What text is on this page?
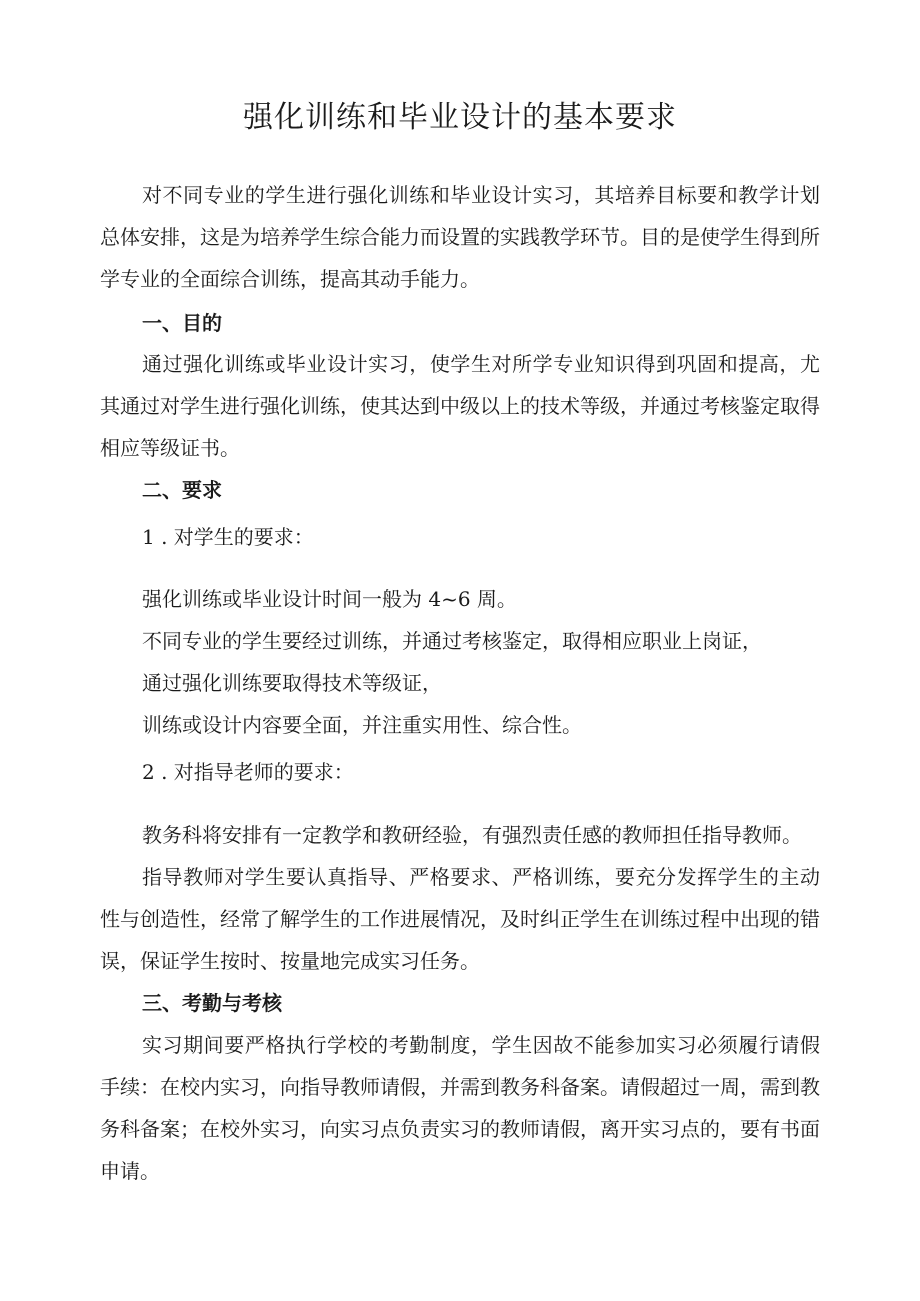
强化训练和毕业设计的基本要求

对不同专业的学生进行强化训练和毕业设计实习，其培养目标要和教学计划总体安排，这是为培养学生综合能力而设置的实践教学环节。目的是使学生得到所学专业的全面综合训练，提高其动手能力。

一、目的

通过强化训练或毕业设计实习，使学生对所学专业知识得到巩固和提高，尤其通过对学生进行强化训练，使其达到中级以上的技术等级，并通过考核鉴定取得相应等级证书。

二、要求
1 . 对学生的要求：
强化训练或毕业设计时间一般为 4~6 周。
不同专业的学生要经过训练，并通过考核鉴定，取得相应职业上岗证，
通过强化训练要取得技术等级证，
训练或设计内容要全面，并注重实用性、综合性。
2 . 对指导老师的要求：
教务科将安排有一定教学和教研经验，有强烈责任感的教师担任指导教师。

指导教师对学生要认真指导、严格要求、严格训练，要充分发挥学生的主动性与创造性，经常了解学生的工作进展情况，及时纠正学生在训练过程中出现的错误，保证学生按时、按量地完成实习任务。

三、考勤与考核

实习期间要严格执行学校的考勤制度，学生因故不能参加实习必须履行请假手续：在校内实习，向指导教师请假，并需到教务科备案。请假超过一周，需到教务科备案；在校外实习，向实习点负责实习的教师请假，离开实习点的，要有书面申请。
